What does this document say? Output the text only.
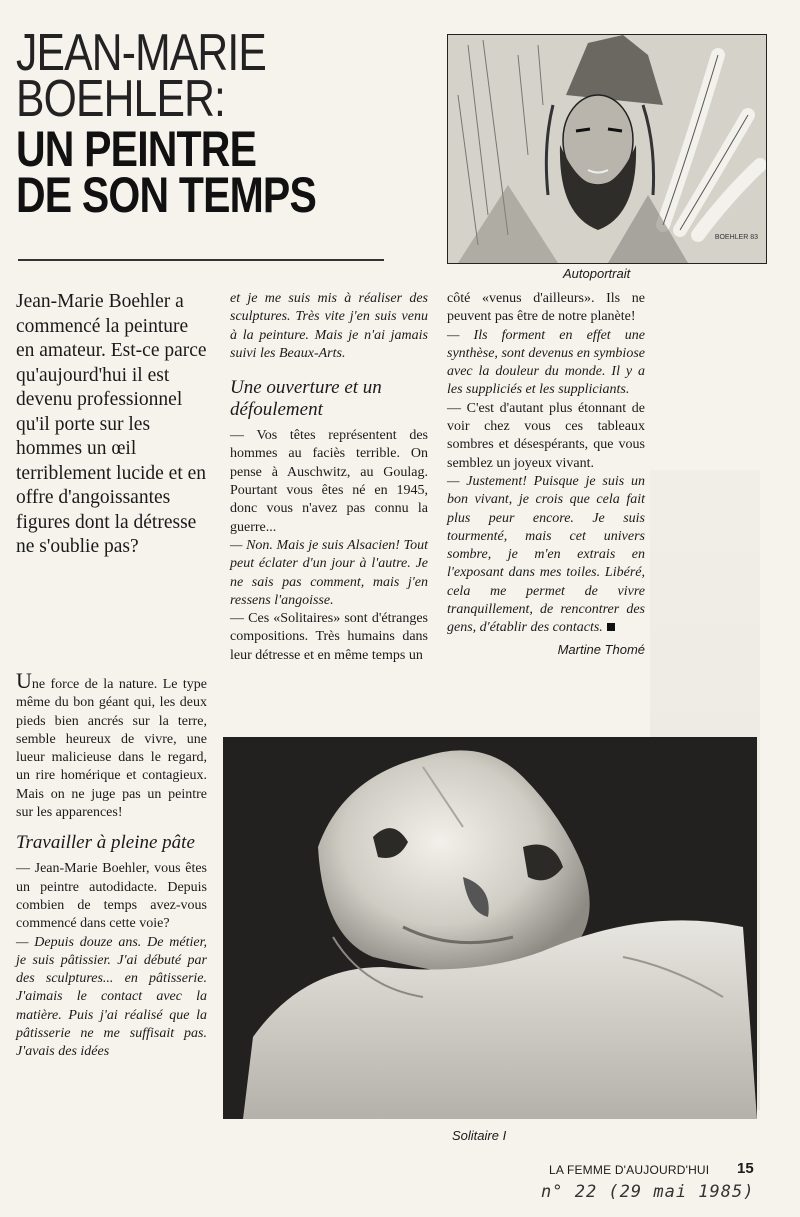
JEAN-MARIE
BOEHLER:
UN PEINTRE
DE SON TEMPS
BOEHLER 83
Autoportrait

Jean-Marie Boehler a commencé la peinture en amateur. Est-ce parce qu'aujourd'hui il est devenu professionnel qu'il porte sur les hommes un œil terriblement lucide et en offre d'angoissantes figures dont la détresse ne s'oublie pas?

Une force de la nature. Le type même du bon géant qui, les deux pieds bien ancrés sur la terre, semble heureux de vivre, une lueur malicieuse dans le regard, un rire homérique et contagieux. Mais on ne juge pas un peintre sur les apparences!

Travailler à pleine pâte

— Jean-Marie Boehler, vous êtes un peintre autodidacte. Depuis combien de temps avez-vous commencé dans cette voie?

— Depuis douze ans. De métier, je suis pâtissier. J'ai débuté par des sculptures... en pâtisserie. J'aimais le contact avec la matière. Puis j'ai réalisé que la pâtisserie ne me suffisait pas. J'avais des idées

et je me suis mis à réaliser des sculptures. Très vite j'en suis venu à la peinture. Mais je n'ai jamais suivi les Beaux-Arts.

Une ouverture et un défoulement

— Vos têtes représentent des hommes au faciès terrible. On pense à Auschwitz, au Goulag. Pourtant vous êtes né en 1945, donc vous n'avez pas connu la guerre...

— Non. Mais je suis Alsacien! Tout peut éclater d'un jour à l'autre. Je ne sais pas comment, mais j'en ressens l'angoisse.

— Ces «Solitaires» sont d'étranges compositions. Très humains dans leur détresse et en même temps un

côté «venus d'ailleurs». Ils ne peuvent pas être de notre planète!

— Ils forment en effet une synthèse, sont devenus en symbiose avec la douleur du monde. Il y a les suppliciés et les suppliciants.

— C'est d'autant plus étonnant de voir chez vous ces tableaux sombres et désespérants, que vous semblez un joyeux vivant.

— Justement! Puisque je suis un bon vivant, je crois que cela fait plus peur encore. Je suis tourmenté, mais cet univers sombre, je m'en extrais en l'exposant dans mes toiles. Libéré, cela me permet de vivre tranquillement, de rencontrer des gens, d'établir des contacts.

Martine Thomé
Solitaire I
LA FEMME D'AUJOURD'HUI 15
n° 22 (29 mai 1985)
